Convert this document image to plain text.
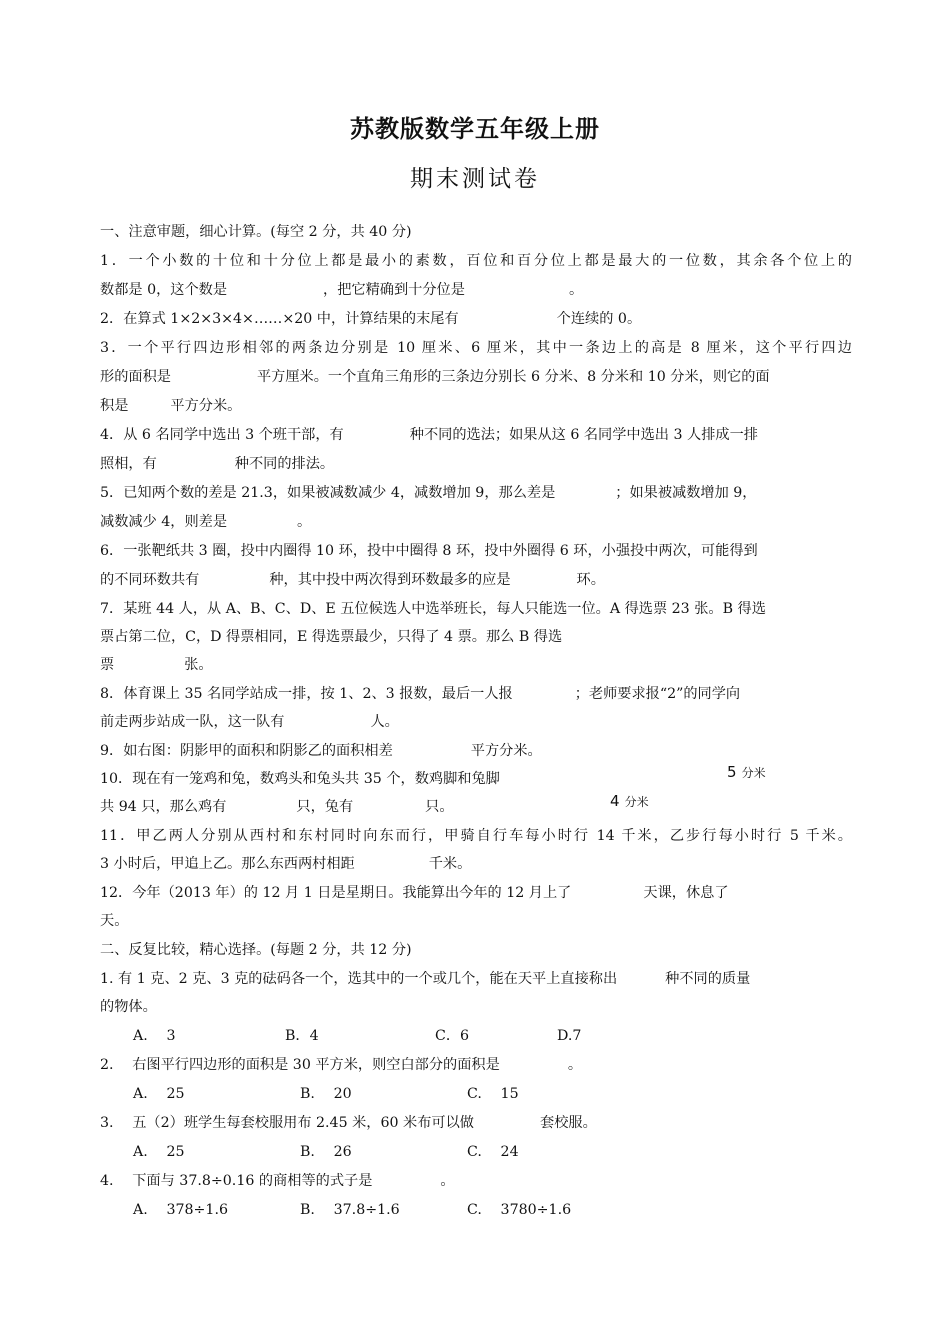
苏教版数学五年级上册
期末测试卷
一、注意审题，细心计算。(每空 2 分，共 40 分)
1．一个小数的十位和十分位上都是最小的素数，百位和百分位上都是最大的一位数，其余各个位上的
数都是 0，这个数是	，把它精确到十分位是	。
2．在算式 1×2×3×4×……×20 中，计算结果的末尾有	个连续的 0。
3．一个平行四边形相邻的两条边分别是 10 厘米、6 厘米，其中一条边上的高是 8 厘米，这个平行四边
形的面积是	平方厘米。一个直角三角形的三条边分别长 6 分米、8 分米和 10 分米，则它的面
积是	平方分米。
4．从 6 名同学中选出 3 个班干部，有	种不同的选法；如果从这 6 名同学中选出 3 人排成一排
照相，有	种不同的排法。
5．已知两个数的差是 21.3，如果被减数减少 4，减数增加 9，那么差是	；如果被减数增加 9，
减数减少 4，则差是	。
6．一张靶纸共 3 圈，投中内圈得 10 环，投中中圈得 8 环，投中外圈得 6 环，小强投中两次，可能得到
的不同环数共有	种，其中投中两次得到环数最多的应是	环。
7．某班 44 人，从 A、B、C、D、E 五位候选人中选举班长，每人只能选一位。A 得选票 23 张。B 得选
票占第二位，C，D 得票相同，E 得选票最少，只得了 4 票。那么 B 得选
票	张。
8．体育课上 35 名同学站成一排，按 1、2、3 报数，最后一人报	；老师要求报“2”的同学向
前走两步站成一队，这一队有	人。
9．如右图：阴影甲的面积和阴影乙的面积相差	平方分米。
10．现在有一笼鸡和兔，数鸡头和兔头共 35 个，数鸡脚和兔脚
共 94 只，那么鸡有	只，兔有	只。
5 分米
4 分米
11．甲乙两人分别从西村和东村同时向东而行，甲骑自行车每小时行 14 千米，乙步行每小时行 5 千米。
3 小时后，甲追上乙。那么东西两村相距	千米。
12．今年（2013 年）的 12 月 1 日是星期日。我能算出今年的 12 月上了	天课，休息了
天。
二、反复比较，精心选择。(每题 2 分，共 12 分)
1. 有 1 克、2 克、3 克的砝码各一个，选其中的一个或几个，能在天平上直接称出	种不同的质量
的物体。
A.　 3	B．4	C．6	D.7
2.　 右图平行四边形的面积是 30 平方米，则空白部分的面积是	。
A.　 25	B.　 20	C.　 15
3.　 五（2）班学生每套校服用布 2.45 米，60 米布可以做	套校服。
A.　 25	B.　 26	C.　 24
4.　 下面与 37.8÷0.16 的商相等的式子是	。
A.　 378÷1.6	B.　 37.8÷1.6	C.　 3780÷1.6
